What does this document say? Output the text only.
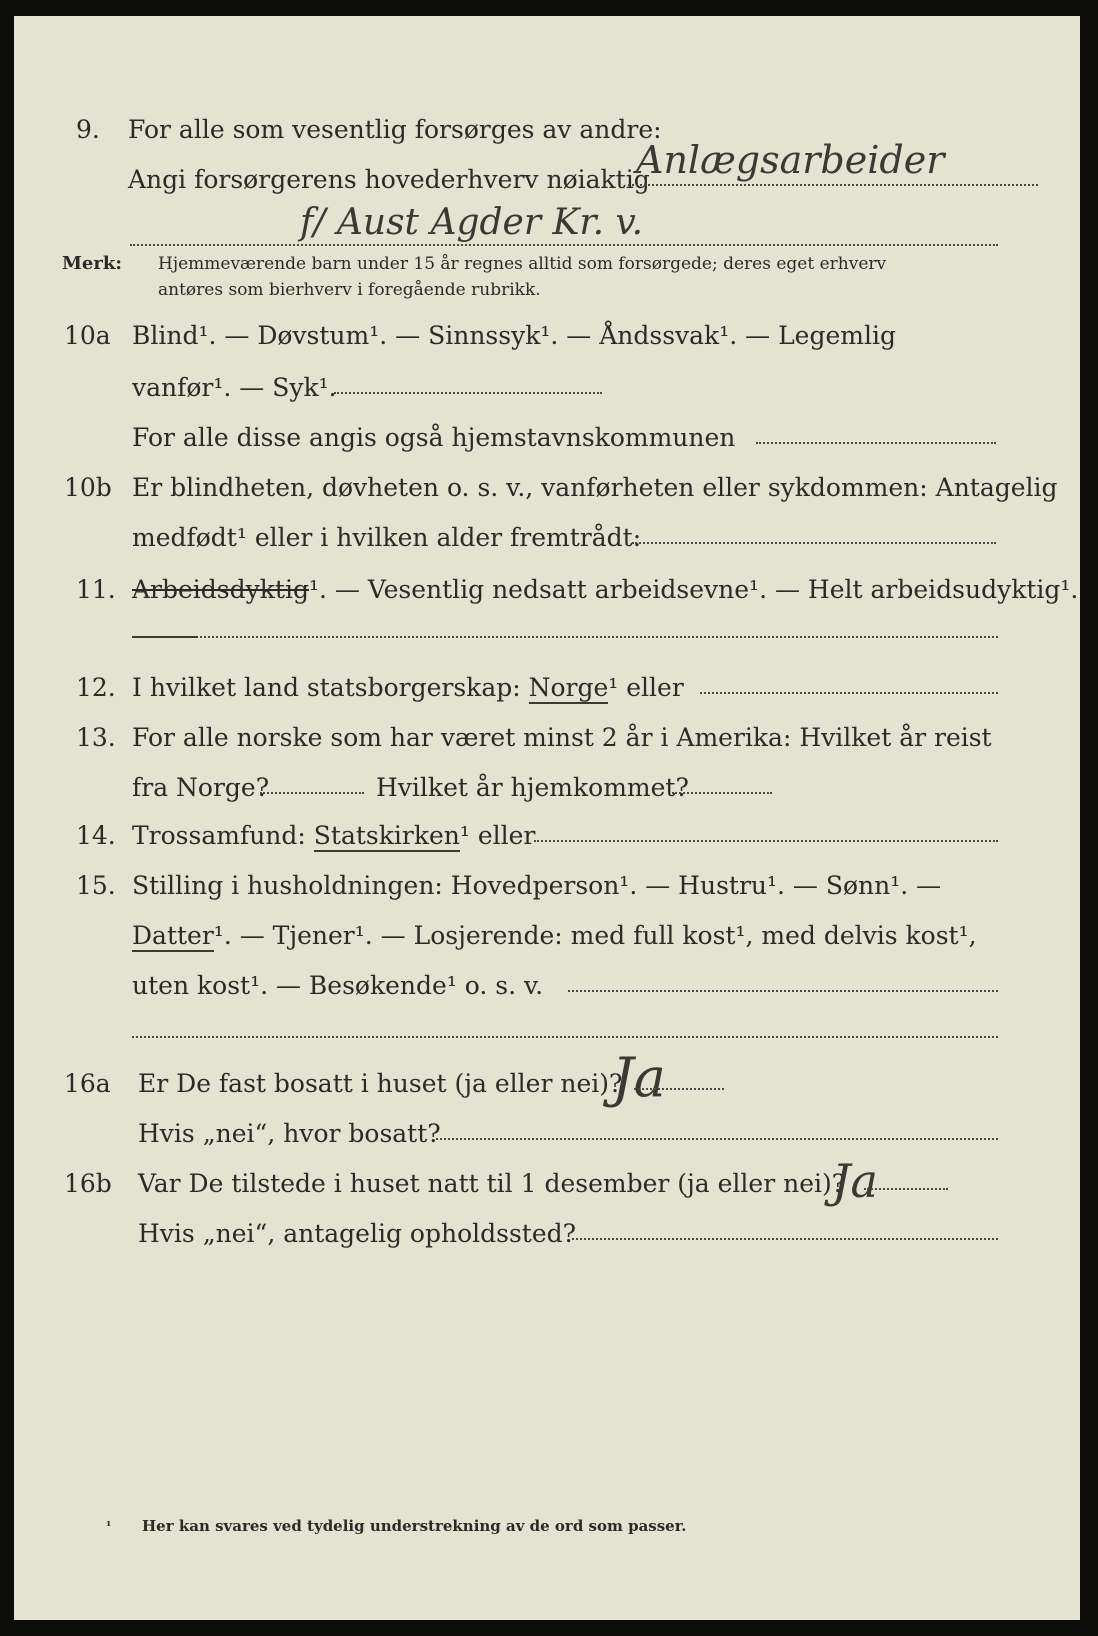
9. For alle som vesentlig forsørges av andre:
Angi forsørgerens hovederhverv nøiaktig
Anlægsarbeider
f/ Aust Agder Kr. v.
Merk: Hjemmeværende barn under 15 år regnes alltid som forsørgede; deres eget erhverv
antøres som bierhverv i foregående rubrikk.
10a Blind¹. — Døvstum¹. — Sinnssyk¹. — Åndssvak¹. — Legemlig
vanfør¹. — Syk¹.
For alle disse angis også hjemstavnskommunen
10b Er blindheten, døvheten o. s. v., vanførheten eller sykdommen: Antagelig
medfødt¹ eller i hvilken alder fremtrådt:
11. Arbeidsdyktig¹. — Vesentlig nedsatt arbeidsevne¹. — Helt arbeidsudyktig¹.
12. I hvilket land statsborgerskap: Norge¹ eller
13. For alle norske som har været minst 2 år i Amerika: Hvilket år reist
fra Norge?	Hvilket år hjemkommet?
14. Trossamfund: Statskirken¹ eller
15. Stilling i husholdningen: Hovedperson¹. — Hustru¹. — Sønn¹. —
Datter¹. — Tjener¹. — Losjerende: med full kost¹, med delvis kost¹,
uten kost¹. — Besøkende¹ o. s. v.
16a Er De fast bosatt i huset (ja eller nei)?
Ja
Hvis „nei“, hvor bosatt?
16b Var De tilstede i huset natt til 1 desember (ja eller nei)?
Ja
Hvis „nei“, antagelig opholdssted?
¹ Her kan svares ved tydelig understrekning av de ord som passer.
